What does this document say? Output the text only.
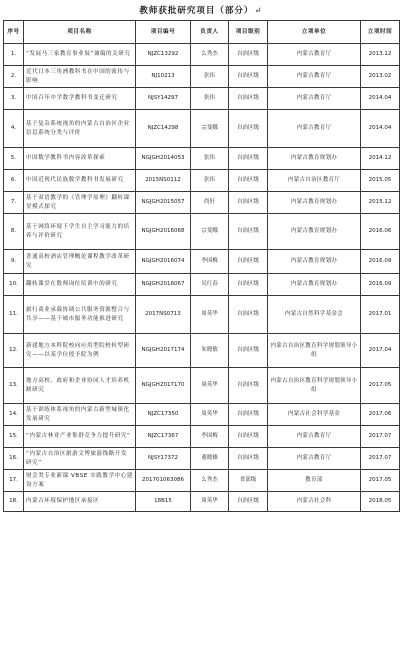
教师获批研究项目（部分）↵
序号	项目名称	项目编号	负责人	项目级别	立项单位	立项时间
1.	“发展马三家教育事业展”兼编的关研究	NJZC13292	么秀杰	自治区级	内蒙古教育厅	2013.12
2.	近代日本三角洲教科书在中国的流传与影响	NJ10213	张伟	自治区级	内蒙古教育厅	2013.02
3.	中国百年中学数学教科书变迁研究	NJSY14297	张伟	自治区级	内蒙古教育厅	2014.04
4.	基于复杂系统视角的内蒙古自治区企业信息系统分类与评价	NJZC14298	宗斐娜	自治区级	内蒙古教育厅	2014.04
5.	中国数学教科书内容改革探索	NGJGH2014053	张伟	自治区级	内蒙古教育规划办	2014.12
6.	中国近现代民族数学教科书发展研究	2015NS0112	张伟	自治区级	内蒙古自治区教育厅	2015.05
7.	基于双语教学的《管理学原理》翻转课堂模式探究	NGJGH2015057	尚轩	自治区级	内蒙古教育规划办	2015.12
8.	基于网络环境下学生自主学习能力的培养与评价研究	NGJGH2016068	宗斐娜	自治区级	内蒙古教育规划办	2016.06
9.	普通高校酒店管理概论课程教学改革研究	NGJGH2016074	李国梅	自治区级	内蒙古教育规划办	2016.09
10.	翻转课堂在数师岗位培训中的研究	NGJGH2016067	吴红春	自治区级	内蒙古教育规划办	2016.09
11.	旅行商业承载协调公共服务资源整合与共享——基于城市服务功能推进研究	2017NS0713	周英华	自治区级	内蒙古自然科学基金会	2017.01
12.	新建地方本科院校向应用型院校转型研究——以某学位授予院为例	NGJGH2017174	朱晓敏	自治区级	内蒙古自治区教育科学规划领导小组	2017.04
13.	地方高校、政府和企业协同人才培养机制研究	NGJGH2017170	周英华	自治区级	内蒙古自治区教育科学规划领导小组	2017.05
14.	基于训练体系视角的内蒙古新型城镇化发展研究	NJZC17350	周英华	自治区级	内蒙古社会科学基金	2017.06
15.	“内蒙古林业产业集群竞争力提升研究”	NJZC17367	李国梅	自治区级	内蒙古教育厅	2017.07
16.	“内蒙古自治区旅游文博旅游线路开发研究”	NJSY17372	董晓雄	自治区级	内蒙古教育厅	2017.07
17.	财会类专业新课 VBSE 实践教学中心建设方案	201701063086	么秀杰	省部级	教育部	2017.05
18.	内蒙古环境保护地区承接区	18B15	周英华	自治区级	内蒙古社会科	2018.05
